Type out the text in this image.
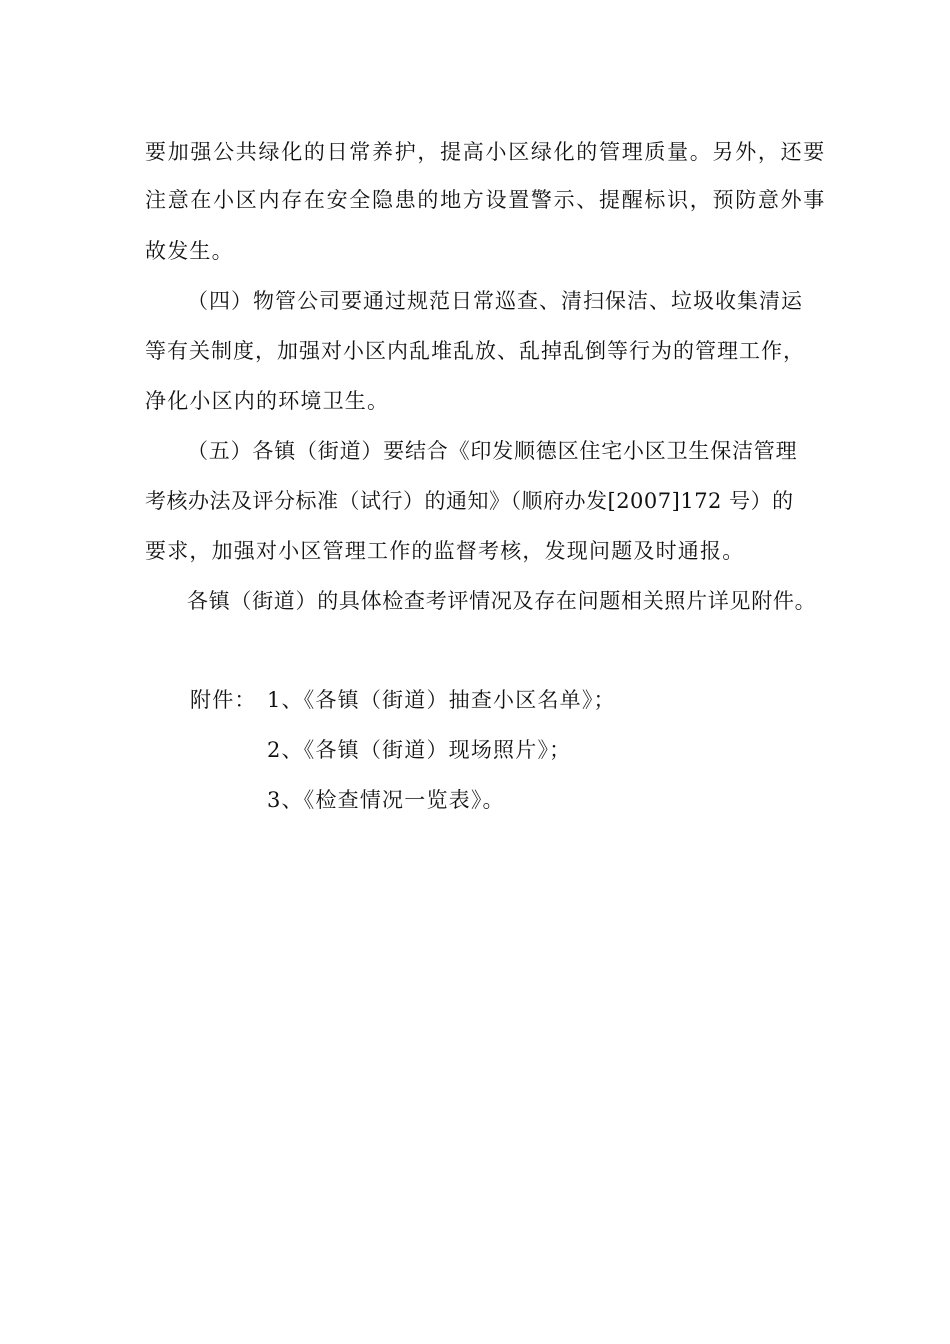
要加强公共绿化的日常养护，提高小区绿化的管理质量。另外，还要
注意在小区内存在安全隐患的地方设置警示、提醒标识，预防意外事
故发生。
（四）物管公司要通过规范日常巡查、清扫保洁、垃圾收集清运
等有关制度，加强对小区内乱堆乱放、乱掉乱倒等行为的管理工作，
净化小区内的环境卫生。
（五）各镇（街道）要结合《印发顺德区住宅小区卫生保洁管理
考核办法及评分标准（试行）的通知》（顺府办发[2007]172 号）的
要求，加强对小区管理工作的监督考核，发现问题及时通报。
各镇（街道）的具体检查考评情况及存在问题相关照片详见附件。
附件： 1、《各镇（街道）抽查小区名单》；
2、《各镇（街道）现场照片》；
3、《检查情况一览表》。
